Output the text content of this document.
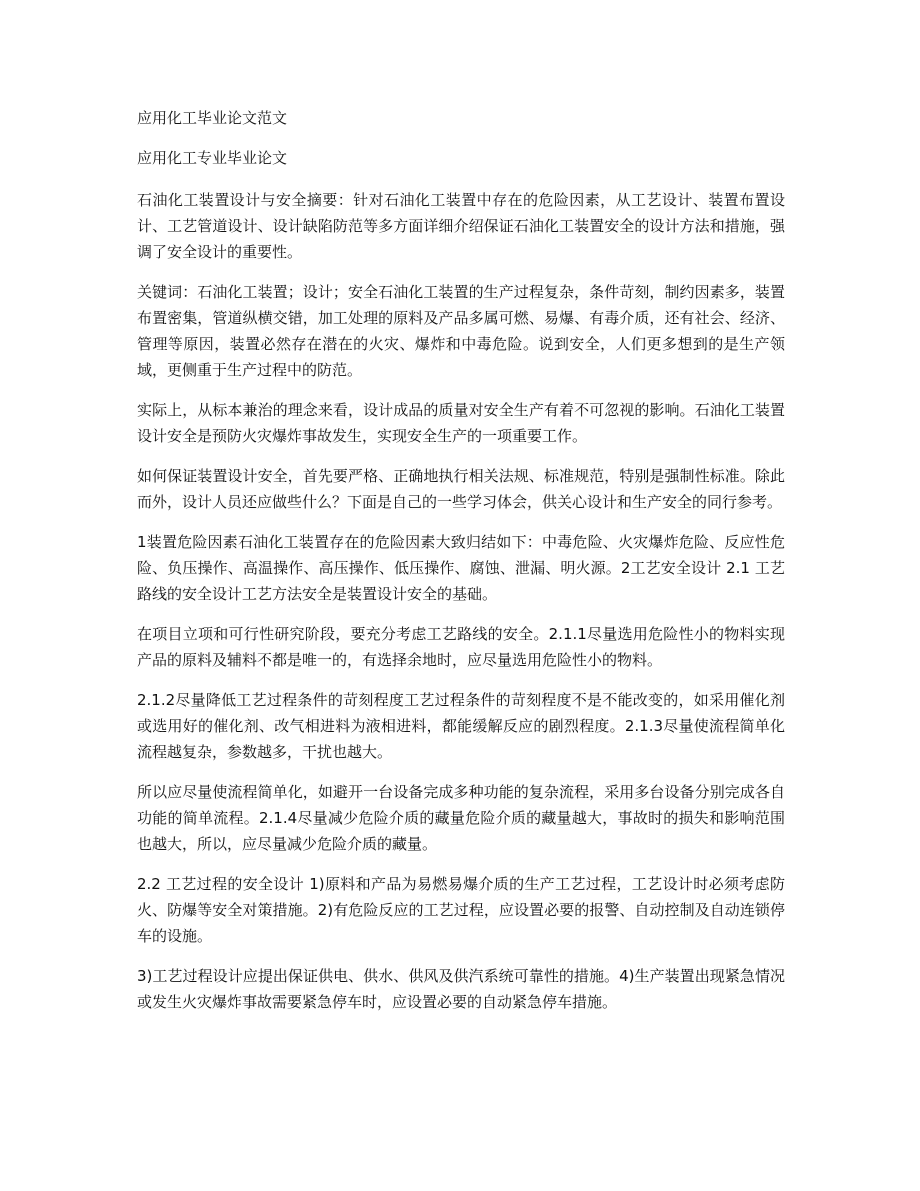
应用化工毕业论文范文
应用化工专业毕业论文

石油化工装置设计与安全摘要：针对石油化工装置中存在的危险因素，从工艺设计、装置布置设计、工艺管道设计、设计缺陷防范等多方面详细介绍保证石油化工装置安全的设计方法和措施，强调了安全设计的重要性。

关键词：石油化工装置；设计；安全石油化工装置的生产过程复杂，条件苛刻，制约因素多，装置布置密集，管道纵横交错，加工处理的原料及产品多属可燃、易爆、有毒介质，还有社会、经济、管理等原因，装置必然存在潜在的火灾、爆炸和中毒危险。说到安全，人们更多想到的是生产领域，更侧重于生产过程中的防范。

实际上，从标本兼治的理念来看，设计成品的质量对安全生产有着不可忽视的影响。石油化工装置设计安全是预防火灾爆炸事故发生，实现安全生产的一项重要工作。

如何保证装置设计安全，首先要严格、正确地执行相关法规、标准规范，特别是强制性标准。除此而外，设计人员还应做些什么？下面是自己的一些学习体会，供关心设计和生产安全的同行参考。

1装置危险因素石油化工装置存在的危险因素大致归结如下：中毒危险、火灾爆炸危险、反应性危险、负压操作、高温操作、高压操作、低压操作、腐蚀、泄漏、明火源。2工艺安全设计 2.1 工艺路线的安全设计工艺方法安全是装置设计安全的基础。

在项目立项和可行性研究阶段，要充分考虑工艺路线的安全。2.1.1尽量选用危险性小的物料实现产品的原料及辅料不都是唯一的，有选择余地时，应尽量选用危险性小的物料。

2.1.2尽量降低工艺过程条件的苛刻程度工艺过程条件的苛刻程度不是不能改变的，如采用催化剂或选用好的催化剂、改气相进料为液相进料，都能缓解反应的剧烈程度。2.1.3尽量使流程简单化流程越复杂，参数越多，干扰也越大。

所以应尽量使流程简单化，如避开一台设备完成多种功能的复杂流程，采用多台设备分别完成各自功能的简单流程。2.1.4尽量减少危险介质的藏量危险介质的藏量越大，事故时的损失和影响范围也越大，所以，应尽量减少危险介质的藏量。

2.2 工艺过程的安全设计 1)原料和产品为易燃易爆介质的生产工艺过程，工艺设计时必须考虑防火、防爆等安全对策措施。2)有危险反应的工艺过程，应设置必要的报警、自动控制及自动连锁停车的设施。

3)工艺过程设计应提出保证供电、供水、供风及供汽系统可靠性的措施。4)生产装置出现紧急情况或发生火灾爆炸事故需要紧急停车时，应设置必要的自动紧急停车措施。
